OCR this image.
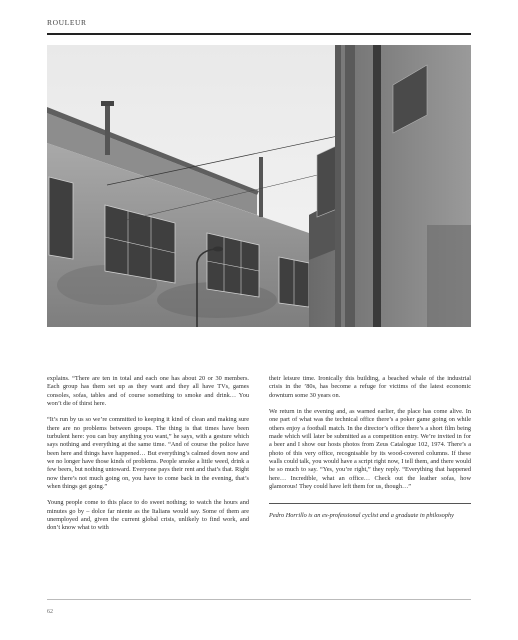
ROULEUR

explains. “There are ten in total and each one has about 20 or 30 members. Each group has them set up as they want and they all have TVs, games consoles, sofas, tables and of course something to smoke and drink… You won’t die of thirst here.

“It’s run by us so we’re committed to keeping it kind of clean and making sure there are no problems between groups. The thing is that times have been turbulent here: you can buy anything you want,” he says, with a gesture which says nothing and everything at the same time. “And of course the police have been here and things have happened… But everything’s calmed down now and we no longer have those kinds of problems. People smoke a little weed, drink a few beers, but nothing untoward. Everyone pays their rent and that’s that. Right now there’s not much going on, you have to come back in the evening, that’s when things get going.”

Young people come to this place to do sweet nothing; to watch the hours and minutes go by – dolce far niente as the Italians would say. Some of them are unemployed and, given the current global crisis, unlikely to find work, and don’t know what to with

their leisure time. Ironically this building, a beached whale of the industrial crisis in the ’80s, has become a refuge for victims of the latest economic downturn some 30 years on.

We return in the evening and, as warned earlier, the place has come alive. In one part of what was the technical office there’s a poker game going on while others enjoy a football match. In the director’s office there’s a short film being made which will later be submitted as a competition entry. We’re invited in for a beer and I show our hosts photos from Zeus Catalogue 102, 1974. There’s a photo of this very office, recognisable by its wood-covered columns. If these walls could talk, you would have a script right now, I tell them, and there would be so much to say. “Yes, you’re right,” they reply. “Everything that happened here… Incredible, what an office… Check out the leather sofas, how glamorous! They could have left them for us, though…”

Pedro Horrillo is an ex-professional cyclist and a graduate in philosophy
62
